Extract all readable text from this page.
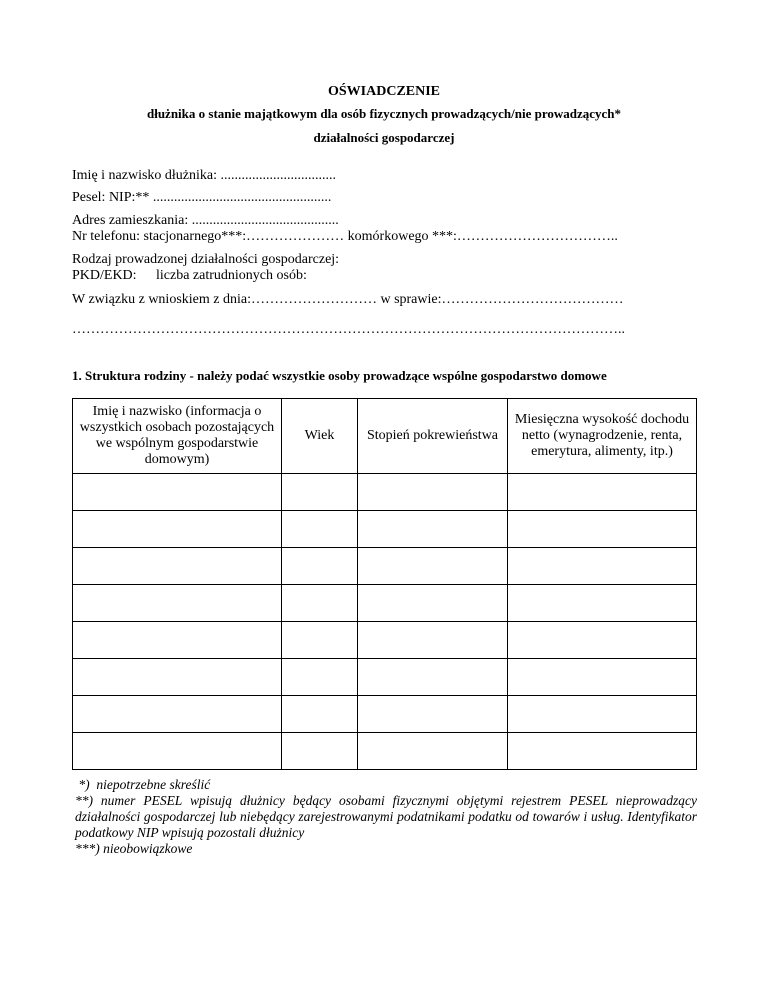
OŚWIADCZENIE
dłużnika o stanie majątkowym dla osób fizycznych prowadzących/nie prowadzących*
działalności gospodarczej
Imię i nazwisko dłużnika: .................................
Pesel: NIP:** ...................................................
Adres zamieszkania: ..........................................
Nr telefonu: stacjonarnego***:………………… komórkowego ***:……………………………..
Rodzaj prowadzonej działalności gospodarczej:
PKD/EKD: liczba zatrudnionych osób:
W związku z wnioskiem z dnia:……………………… w sprawie:…………………………………
………………………………………………………………………………………………………..
1. Struktura rodziny - należy podać wszystkie osoby prowadzące wspólne gospodarstwo domowe
Imię i nazwisko (informacja o wszystkich osobach pozostających we wspólnym gospodarstwie domowym)	Wiek	Stopień pokrewieństwa	Miesięczna wysokość dochodu netto (wynagrodzenie, renta, emerytura, alimenty, itp.)

*)  niepotrzebne skreślić

**) numer PESEL wpisują dłużnicy będący osobami fizycznymi objętymi rejestrem PESEL nieprowadzący działalności gospodarczej lub niebędący zarejestrowanymi podatnikami podatku od towarów i usług. Identyfikator podatkowy NIP wpisują pozostali dłużnicy

***) nieobowiązkowe
